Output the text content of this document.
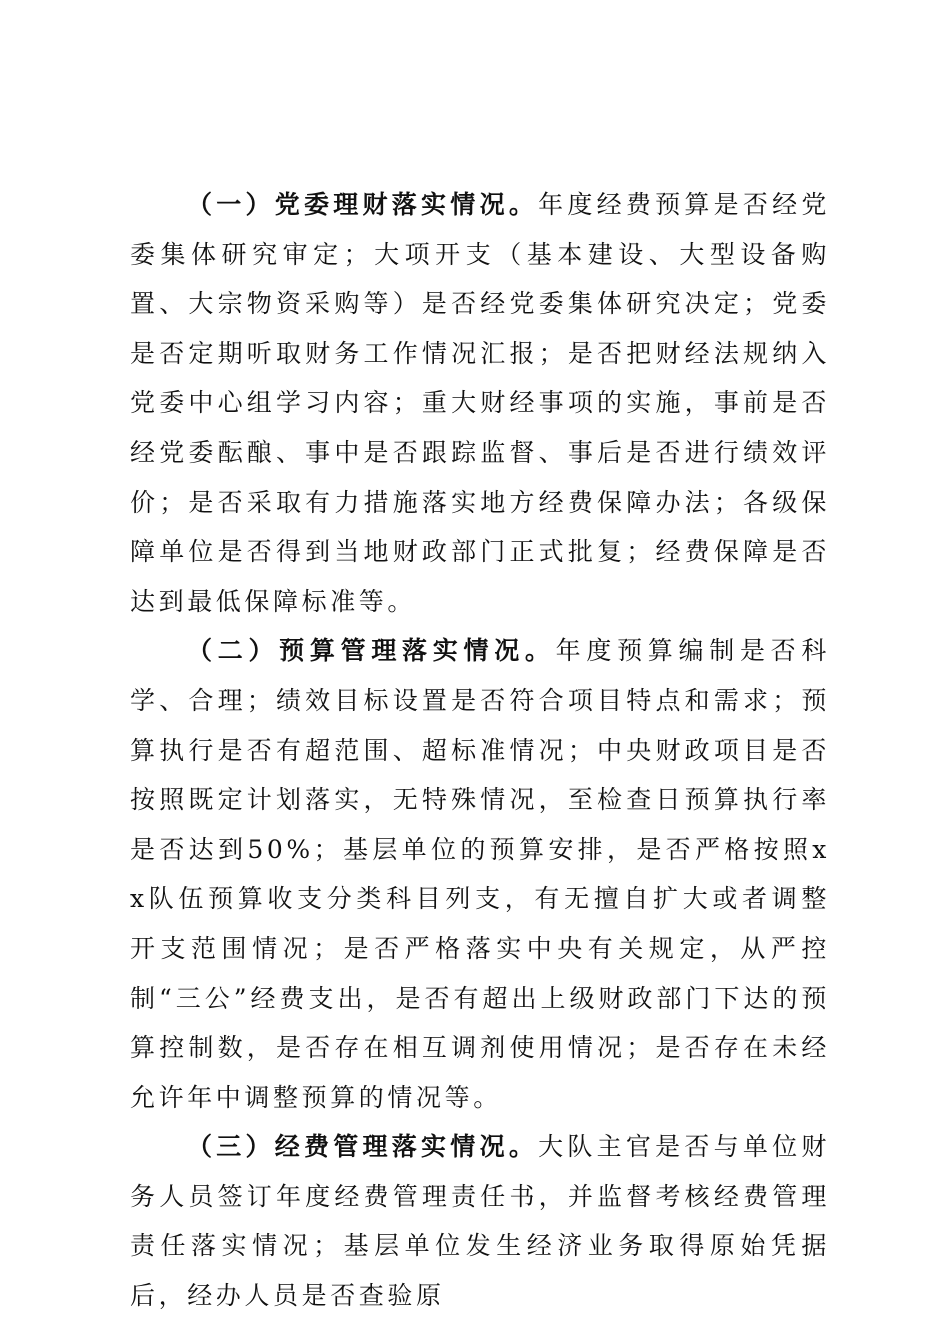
（一）党委理财落实情况。年度经费预算是否经党委集体研究审定；大项开支（基本建设、大型设备购置、大宗物资采购等）是否经党委集体研究决定；党委是否定期听取财务工作情况汇报；是否把财经法规纳入党委中心组学习内容；重大财经事项的实施，事前是否经党委酝酿、事中是否跟踪监督、事后是否进行绩效评价；是否采取有力措施落实地方经费保障办法；各级保障单位是否得到当地财政部门正式批复；经费保障是否达到最低保障标准等。

（二）预算管理落实情况。年度预算编制是否科学、合理；绩效目标设置是否符合项目特点和需求；预算执行是否有超范围、超标准情况；中央财政项目是否按照既定计划落实，无特殊情况，至检查日预算执行率是否达到50%；基层单位的预算安排，是否严格按照xx队伍预算收支分类科目列支，有无擅自扩大或者调整开支范围情况；是否严格落实中央有关规定，从严控制“三公”经费支出，是否有超出上级财政部门下达的预算控制数，是否存在相互调剂使用情况；是否存在未经允许年中调整预算的情况等。

（三）经费管理落实情况。大队主官是否与单位财务人员签订年度经费管理责任书，并监督考核经费管理责任落实情况；基层单位发生经济业务取得原始凭据后，经办人员是否查验原
